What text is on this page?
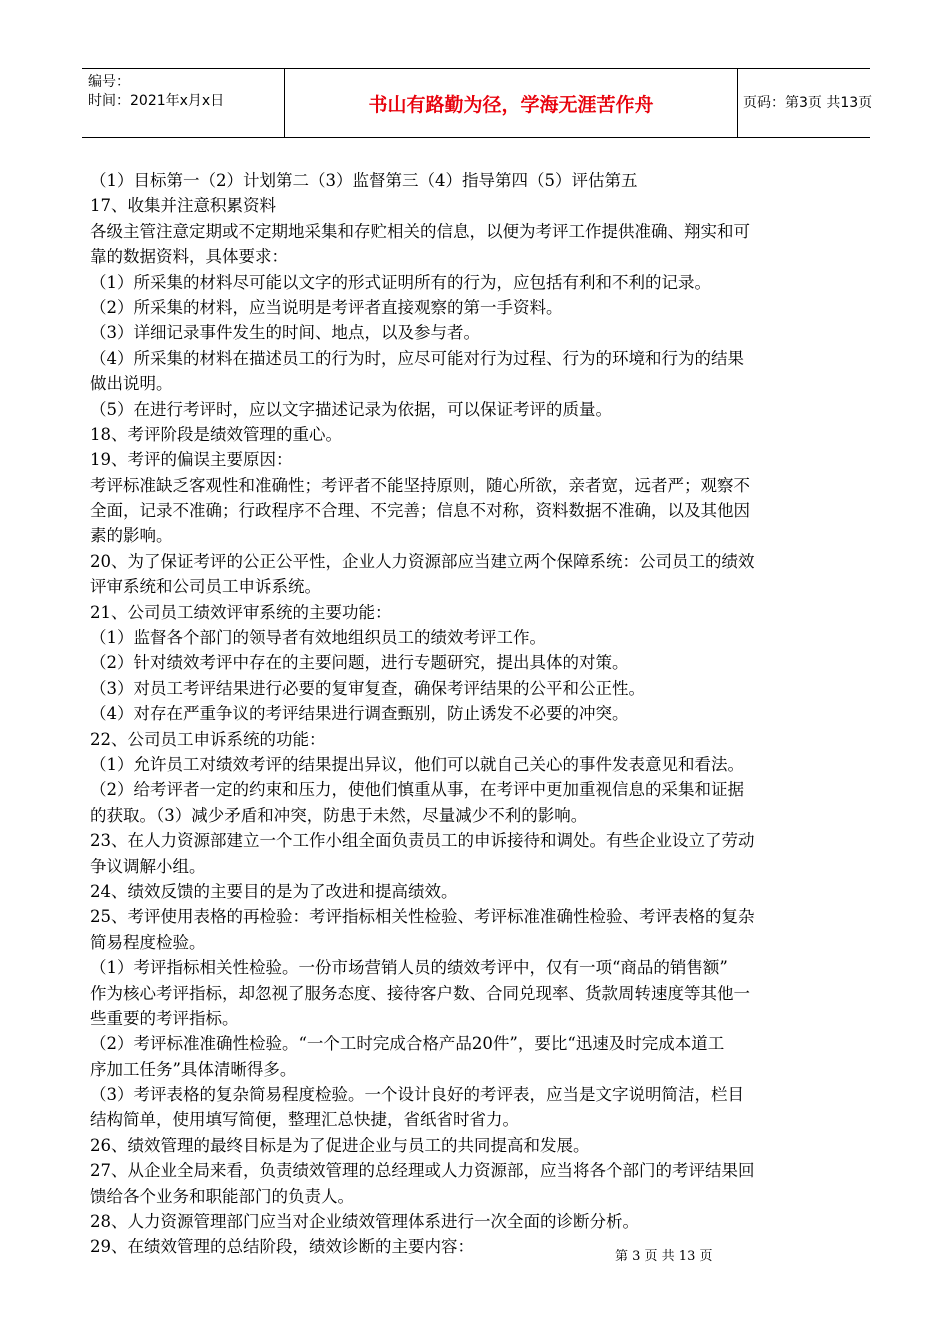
编号：
时间：2021年x月x日	书山有路勤为径，学海无涯苦作舟	页码：第3页 共13页
（1）目标第一（2）计划第二（3）监督第三（4）指导第四（5）评估第五
17、收集并注意积累资料
各级主管注意定期或不定期地采集和存贮相关的信息，以便为考评工作提供准确、翔实和可
靠的数据资料，具体要求：
（1）所采集的材料尽可能以文字的形式证明所有的行为，应包括有利和不利的记录。
（2）所采集的材料，应当说明是考评者直接观察的第一手资料。
（3）详细记录事件发生的时间、地点，以及参与者。
（4）所采集的材料在描述员工的行为时，应尽可能对行为过程、行为的环境和行为的结果
做出说明。
（5）在进行考评时，应以文字描述记录为依据，可以保证考评的质量。
18、考评阶段是绩效管理的重心。
19、考评的偏误主要原因：
考评标准缺乏客观性和准确性；考评者不能坚持原则，随心所欲，亲者宽，远者严；观察不
全面，记录不准确；行政程序不合理、不完善；信息不对称，资料数据不准确，以及其他因
素的影响。
20、为了保证考评的公正公平性，企业人力资源部应当建立两个保障系统：公司员工的绩效
评审系统和公司员工申诉系统。
21、公司员工绩效评审系统的主要功能：
（1）监督各个部门的领导者有效地组织员工的绩效考评工作。
（2）针对绩效考评中存在的主要问题，进行专题研究，提出具体的对策。
（3）对员工考评结果进行必要的复审复查，确保考评结果的公平和公正性。
（4）对存在严重争议的考评结果进行调查甄别，防止诱发不必要的冲突。
22、公司员工申诉系统的功能：
（1）允许员工对绩效考评的结果提出异议，他们可以就自己关心的事件发表意见和看法。
（2）给考评者一定的约束和压力，使他们慎重从事，在考评中更加重视信息的采集和证据
的获取。（3）减少矛盾和冲突，防患于未然，尽量减少不利的影响。
23、在人力资源部建立一个工作小组全面负责员工的申诉接待和调处。有些企业设立了劳动
争议调解小组。
24、绩效反馈的主要目的是为了改进和提高绩效。
25、考评使用表格的再检验：考评指标相关性检验、考评标准准确性检验、考评表格的复杂
简易程度检验。
（1）考评指标相关性检验。一份市场营销人员的绩效考评中，仅有一项“商品的销售额”
作为核心考评指标，却忽视了服务态度、接待客户数、合同兑现率、货款周转速度等其他一
些重要的考评指标。
（2）考评标准准确性检验。“一个工时完成合格产品20件”，要比“迅速及时完成本道工
序加工任务”具体清晰得多。
（3）考评表格的复杂简易程度检验。一个设计良好的考评表，应当是文字说明简洁，栏目
结构简单，使用填写简便，整理汇总快捷，省纸省时省力。
26、绩效管理的最终目标是为了促进企业与员工的共同提高和发展。
27、从企业全局来看，负责绩效管理的总经理或人力资源部，应当将各个部门的考评结果回
馈给各个业务和职能部门的负责人。
28、人力资源管理部门应当对企业绩效管理体系进行一次全面的诊断分析。
29、在绩效管理的总结阶段，绩效诊断的主要内容：
第 3 页 共 13 页
